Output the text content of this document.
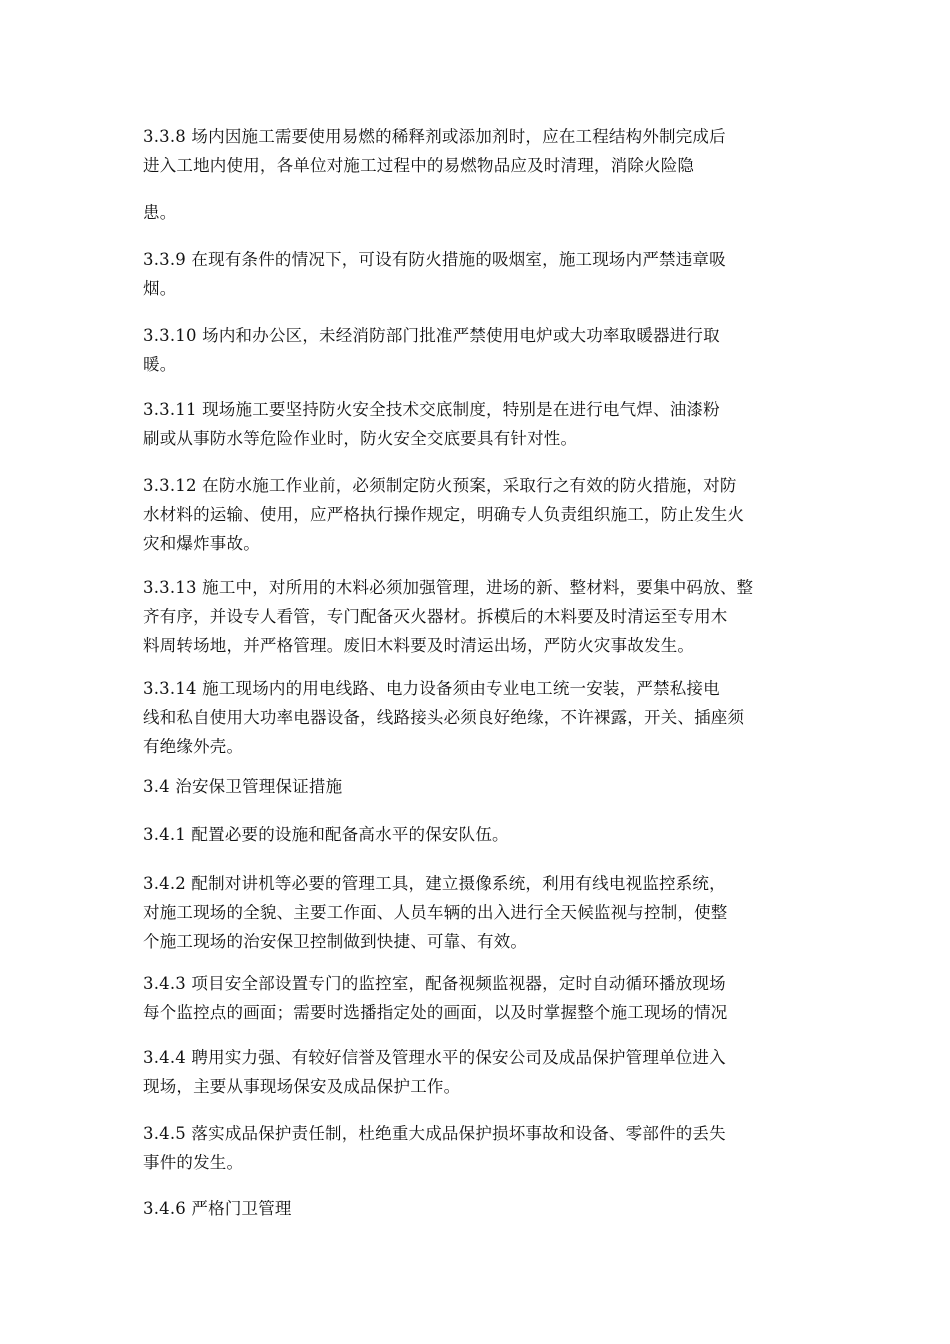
3.3.8 场内因施工需要使用易燃的稀释剂或添加剂时，应在工程结构外制完成后
进入工地内使用，各单位对施工过程中的易燃物品应及时清理，消除火险隐

患。

3.3.9 在现有条件的情况下，可设有防火措施的吸烟室，施工现场内严禁违章吸
烟。

3.3.10 场内和办公区，未经消防部门批准严禁使用电炉或大功率取暖器进行取
暖。

3.3.11 现场施工要坚持防火安全技术交底制度，特别是在进行电气焊、油漆粉
刷或从事防水等危险作业时，防火安全交底要具有针对性。

3.3.12 在防水施工作业前，必须制定防火预案，采取行之有效的防火措施，对防
水材料的运输、使用，应严格执行操作规定，明确专人负责组织施工，防止发生火
灾和爆炸事故。

3.3.13 施工中，对所用的木料必须加强管理，进场的新、整材料，要集中码放、整
齐有序，并设专人看管，专门配备灭火器材。拆模后的木料要及时清运至专用木
料周转场地，并严格管理。废旧木料要及时清运出场，严防火灾事故发生。

3.3.14 施工现场内的用电线路、电力设备须由专业电工统一安装，严禁私接电
线和私自使用大功率电器设备，线路接头必须良好绝缘，不许裸露，开关、插座须
有绝缘外壳。

3.4 治安保卫管理保证措施

3.4.1 配置必要的设施和配备高水平的保安队伍。

3.4.2 配制对讲机等必要的管理工具，建立摄像系统，利用有线电视监控系统，
对施工现场的全貌、主要工作面、人员车辆的出入进行全天候监视与控制，使整
个施工现场的治安保卫控制做到快捷、可靠、有效。

3.4.3 项目安全部设置专门的监控室，配备视频监视器，定时自动循环播放现场
每个监控点的画面；需要时选播指定处的画面，以及时掌握整个施工现场的情况

3.4.4 聘用实力强、有较好信誉及管理水平的保安公司及成品保护管理单位进入
现场，主要从事现场保安及成品保护工作。

3.4.5 落实成品保护责任制，杜绝重大成品保护损坏事故和设备、零部件的丢失
事件的发生。

3.4.6 严格门卫管理
